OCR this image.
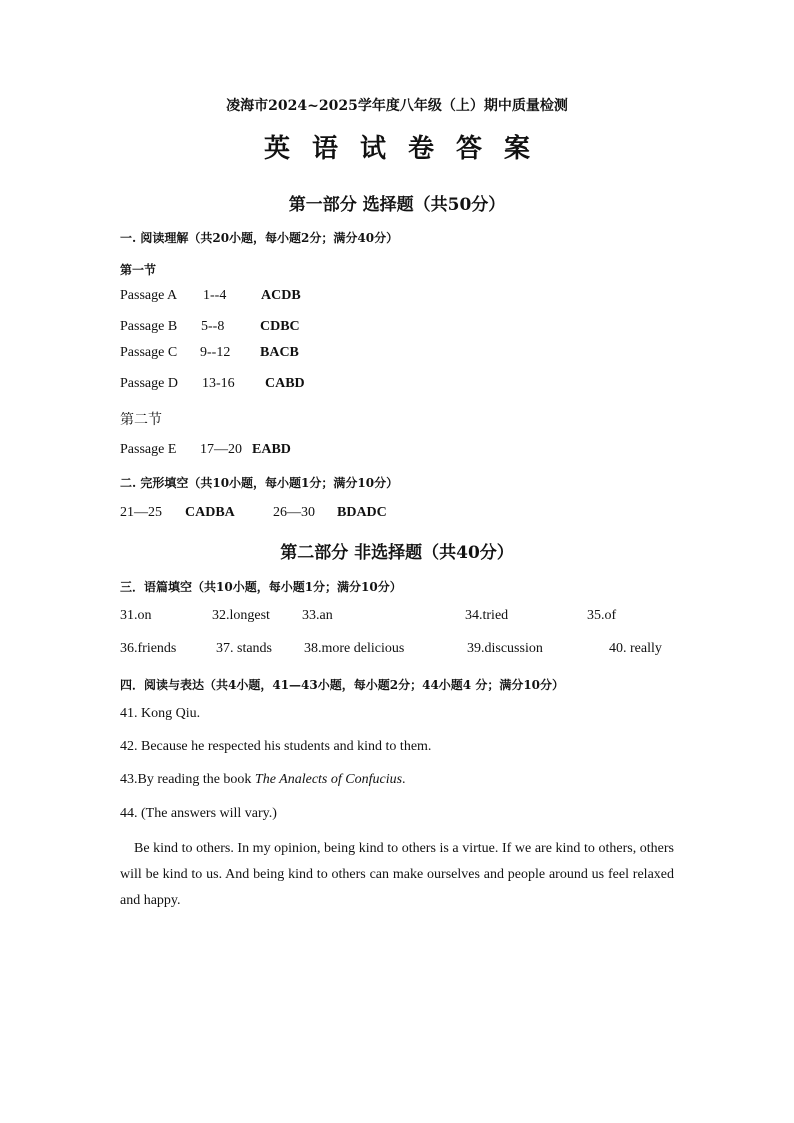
凌海市2024~2025学年度八年级（上）期中质量检测
英语试卷答案
第一部分 选择题（共50分）
一. 阅读理解（共20小题，每小题2分；满分40分）
第一节
Passage A 1--4 ACDB
Passage B 5--8	CDBC
Passage C 9--12 BACB
Passage D 13-16 CABD
第二节
Passage E 17—20 EABD
二. 完形填空（共10小题，每小题1分；满分10分）
21—25 CADBA	26—30 BDADC
第二部分 非选择题（共40分）
三．语篇填空（共10小题，每小题1分；满分10分）
31.on	32.longest 33.an	34.tried	35.of
36.friends	37. stands 38.more delicious	39.discussion	40. really
四．阅读与表达（共4小题，41—43小题，每小题2分；44小题4 分；满分10分）
41. Kong Qiu.
42. Because he respected his students and kind to them.
43.By reading the book The Analects of Confucius.
44. (The answers will vary.)
Be kind to others. In my opinion, being kind to others is a virtue. If we are kind to others, others will be kind to us. And being kind to others can make ourselves and people around us feel relaxed and happy.
